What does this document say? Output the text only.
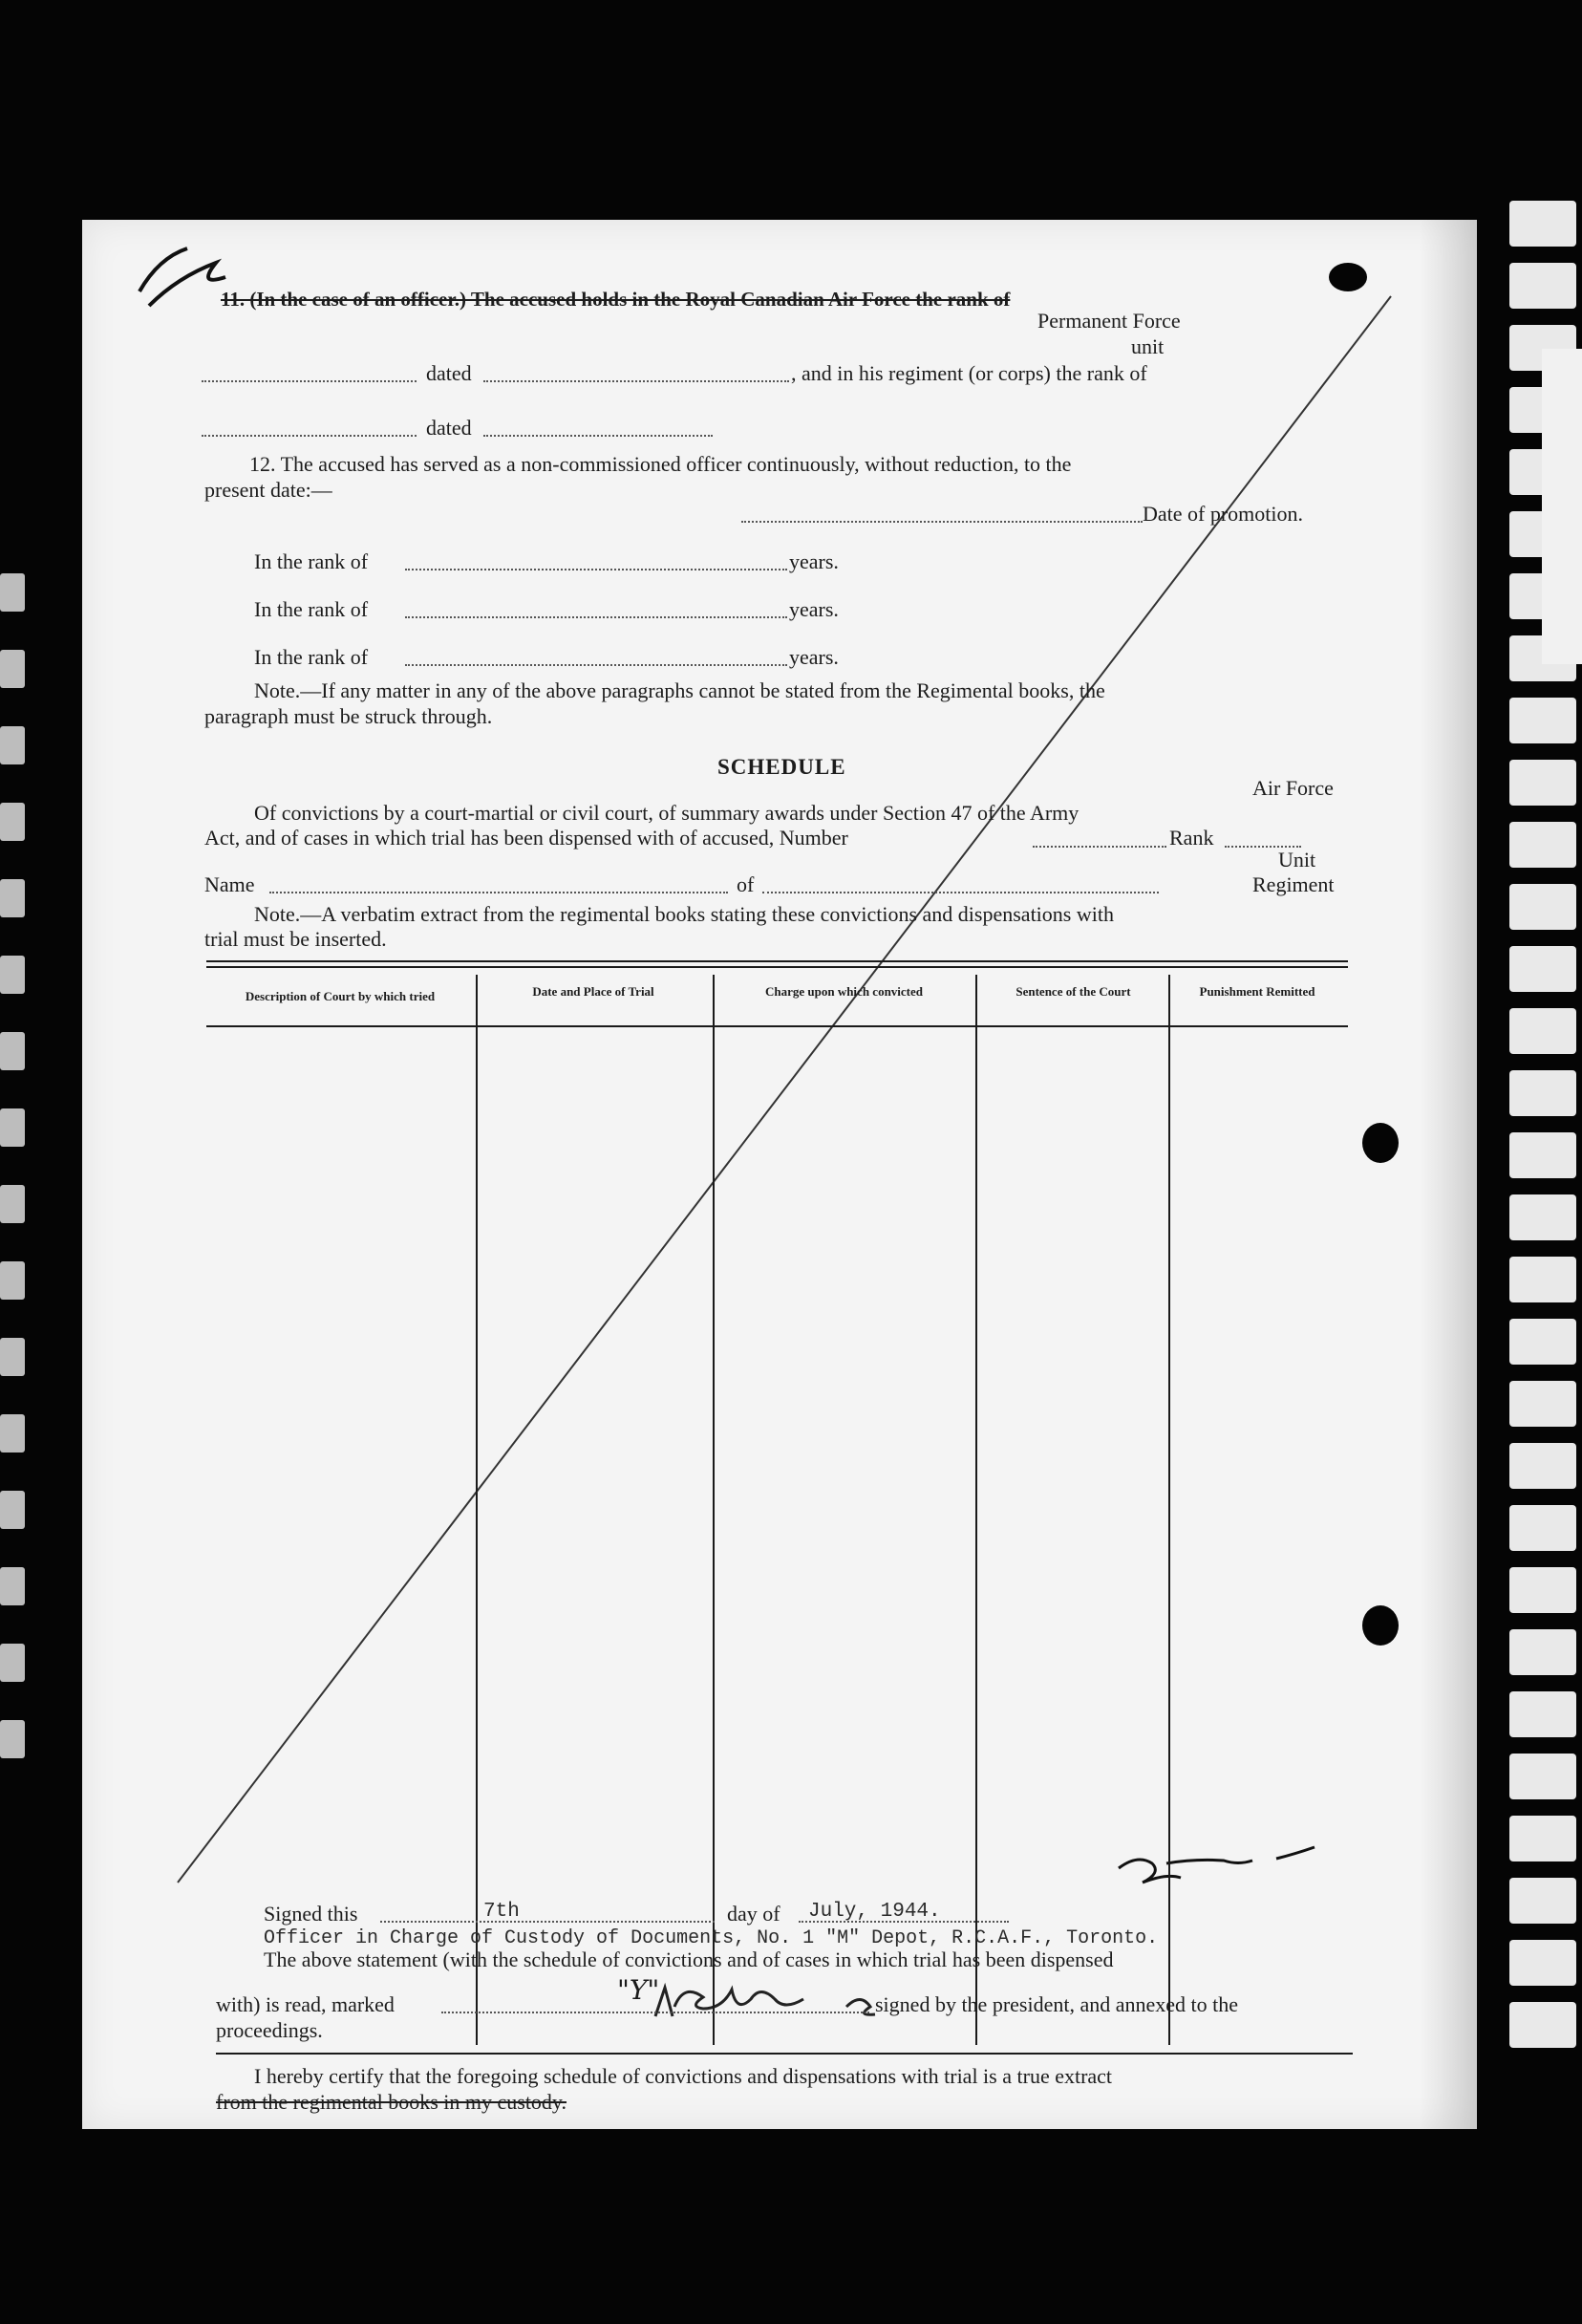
Permanent Force
11. (In the case of an officer.) The accused holds in the Royal Canadian Air Force the rank of
unit
dated	, and in his regiment (or corps) the rank of
dated
12. The accused has served as a non-commissioned officer continuously, without reduction, to the
present date:—
Date of promotion.
In the rank of	years.
In the rank of	years.
In the rank of	years.
Note.—If any matter in any of the above paragraphs cannot be stated from the Regimental books, the
paragraph must be struck through.
SCHEDULE
Air Force
Of convictions by a court-martial or civil court, of summary awards under Section 47 of the Army
Act, and of cases in which trial has been dispensed with of accused, Number	Rank
Unit
Name	of	Regiment
Note.—A verbatim extract from the regimental books stating these convictions and dispensations with
trial must be inserted.
Description of Court by which tried	Date and Place of Trial	Charge upon which convicted	Sentence of the Court	Punishment Remitted
I hereby certify that the foregoing schedule of convictions and dispensations with trial is a true extract
from the regimental books in my custody.
Signed this	7th	day of July, 1944.
Officer in Charge of Custody of Documents, No. 1 "M" Depot, R.C.A.F., Toronto.
The above statement (with the schedule of convictions and of cases in which trial has been dispensed
with) is read, marked	"Y"	signed by the president, and annexed to the
proceedings.
